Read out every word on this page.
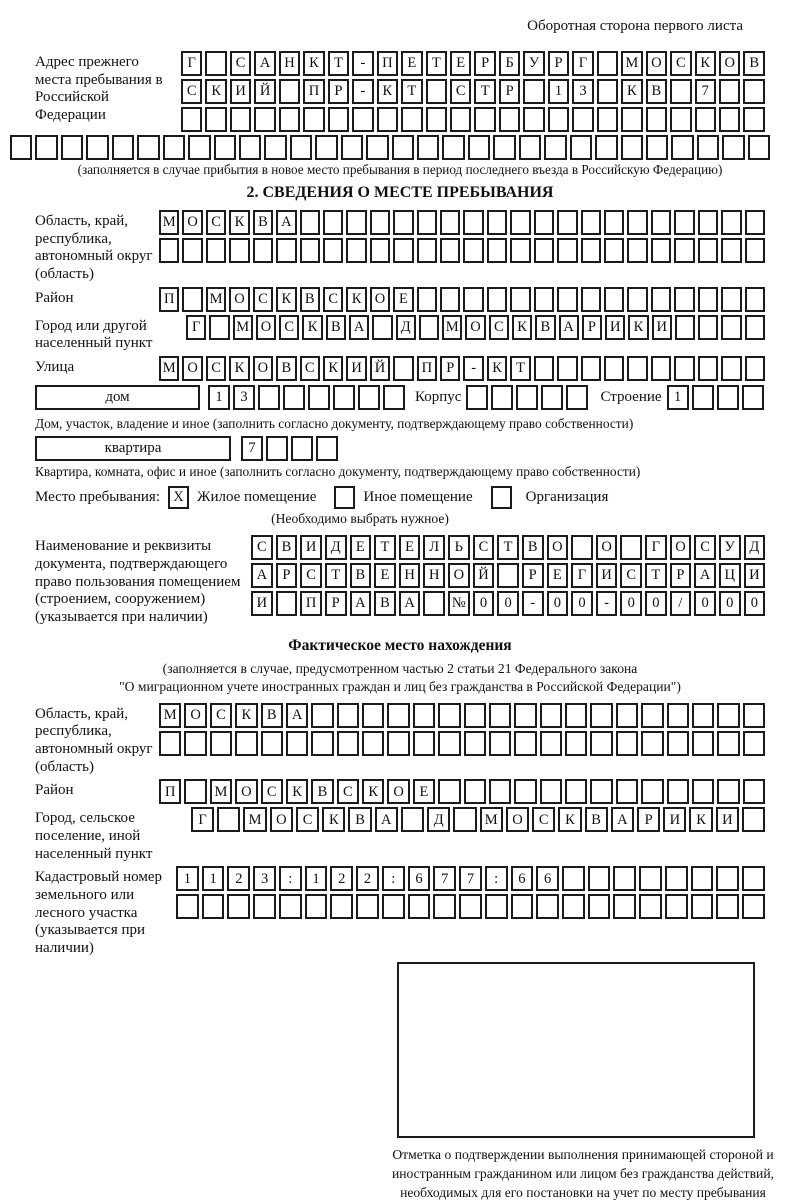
Оборотная сторона первого листа
Адрес прежнего места пребывания в Российской Федерации
Г	С А Н К	Т	-	П	Е	Т	Е	Р	Б	У	Р	Г	М О С	К О В
С	К И Й	П	Р	-	К	Т	С	Т	Р	1	3	К	В	7
(заполняется в случае прибытия в новое место пребывания в период последнего въезда в Российскую Федерацию)
2. СВЕДЕНИЯ О МЕСТЕ ПРЕБЫВАНИЯ
Область, край, республика, автономный округ (область)
М О С К В А
Район	П	М О С К В С К О Е
Город или другой населенный пункт
Г	М О С К В А	Д	М О С К В А Р И К И
Улица	М О С К О В С К И Й	П Р	-	К Т
дом	1	3	Корпус	Строение 1
Дом, участок, владение и иное (заполнить согласно документу, подтверждающему право собственности)
квартира	7
Квартира, комната, офис и иное (заполнить согласно документу, подтверждающему право собственности)
Место пребывания: X Жилое помещение	Иное помещение	Организация
(Необходимо выбрать нужное)
Наименование и реквизиты документа, подтверждающего право пользования помещением (строением, сооружением) (указывается при наличии)
С	В	И Д	Е	Т	Е	Л	Ь	С	Т	В	О	О	Г	О	С	У	Д
А	Р	С	Т	В	Е	Н Н О Й	Р	Е	Г	И	С	Т	Р	А Ц И
И	П	Р	А	В	А	№ 0	0	-	0	0	-	0	0	/	0	0	0
Фактическое место нахождения
(заполняется в случае, предусмотренном частью 2 статьи 21 Федерального закона
"О миграционном учете иностранных граждан и лиц без гражданства в Российской Федерации")
Область, край, республика, автономный округ (область)
М О	С	К	В	А
Район	П	М О	С	К	В	С	К	О	Е
Город, сельское поселение, иной населенный пункт
Г	М	О	С	К	В	А	Д	М	О	С	К	В	А	Р	И	К	И
Кадастровый номер земельного или лесного участка (указывается при наличии)
1	1	2	3	:	1	2	2	:	6	7	7	:	6	6
Отметка о подтверждении выполнения принимающей стороной и иностранным гражданином или лицом без гражданства действий, необходимых для его постановки на учет по месту пребывания
